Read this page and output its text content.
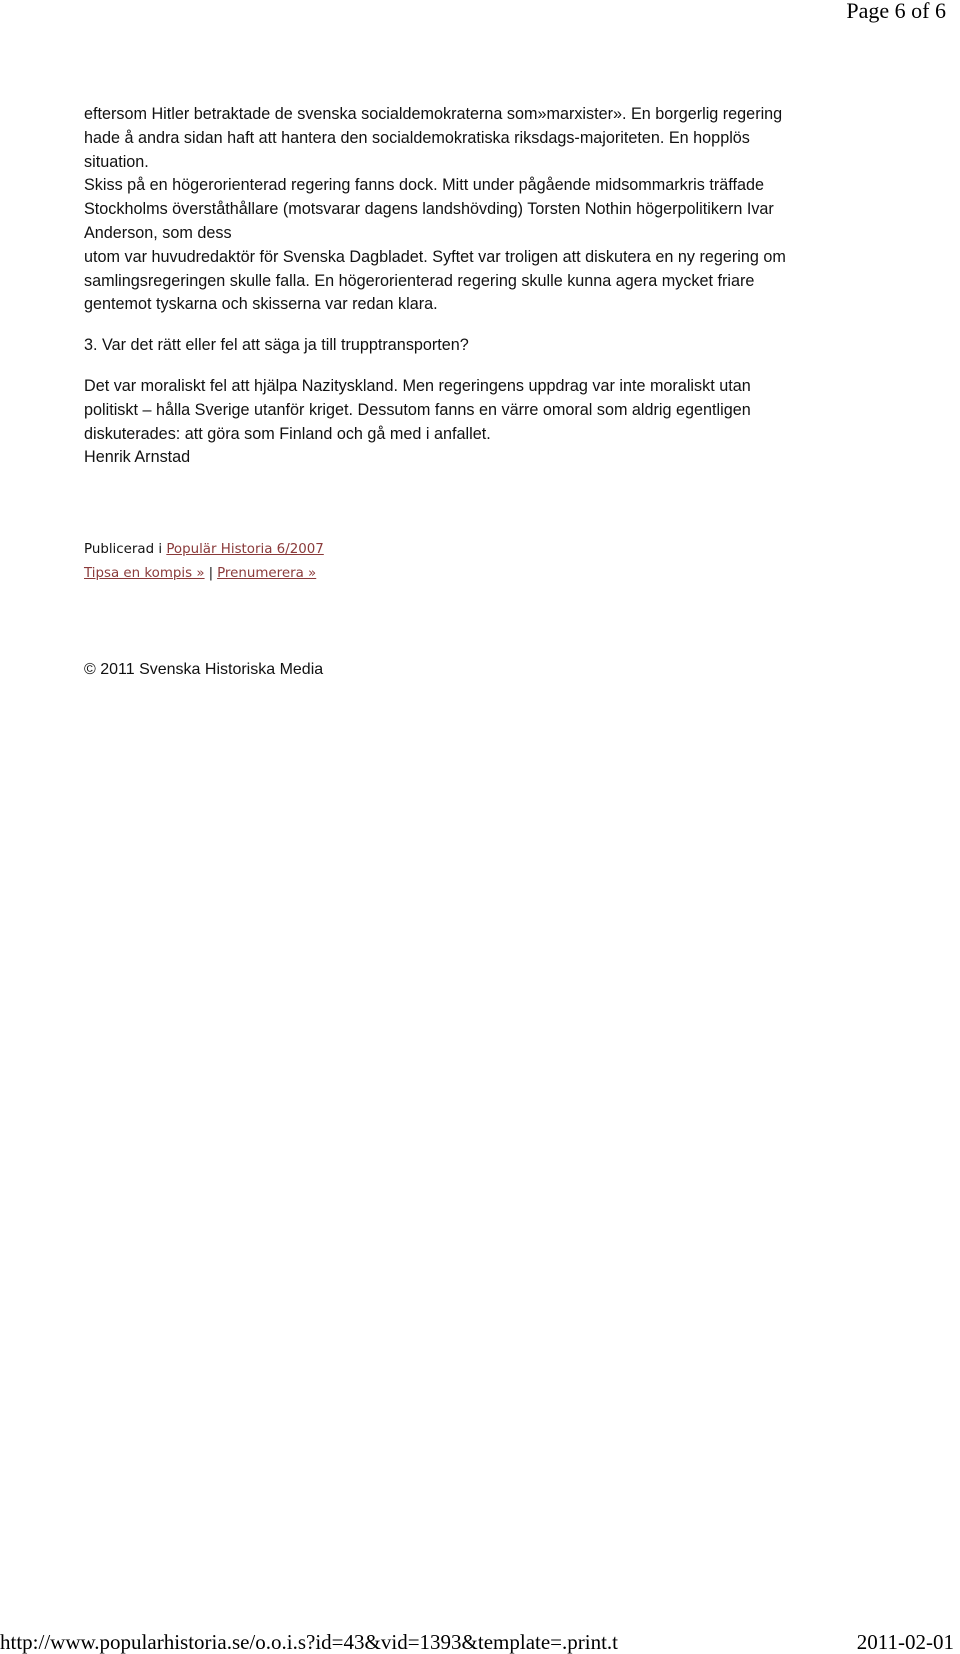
Page 6 of 6
eftersom Hitler betraktade de svenska socialdemokraterna som»marxister». En borgerlig regering
hade å andra sidan haft att hantera den socialdemokratiska riksdags-majoriteten. En hopplös
situation.
Skiss på en högerorienterad regering fanns dock. Mitt under pågående midsommarkris träffade
Stockholms överståthållare (motsvarar dagens landshövding) Torsten Nothin högerpolitikern Ivar
Anderson, som dess
utom var huvudredaktör för Svenska Dagbladet. Syftet var troligen att diskutera en ny regering om
samlingsregeringen skulle falla. En högerorienterad regering skulle kunna agera mycket friare
gentemot tyskarna och skisserna var redan klara.
3. Var det rätt eller fel att säga ja till trupptransporten?
Det var moraliskt fel att hjälpa Nazityskland. Men regeringens uppdrag var inte moraliskt utan
politiskt – hålla Sverige utanför kriget. Dessutom fanns en värre omoral som aldrig egentligen
diskuterades: att göra som Finland och gå med i anfallet.
Henrik Arnstad
Publicerad i Populär Historia 6/2007
Tipsa en kompis » | Prenumerera »
© 2011 Svenska Historiska Media
http://www.popularhistoria.se/o.o.i.s?id=43&vid=1393&template=.print.t	2011-02-01
